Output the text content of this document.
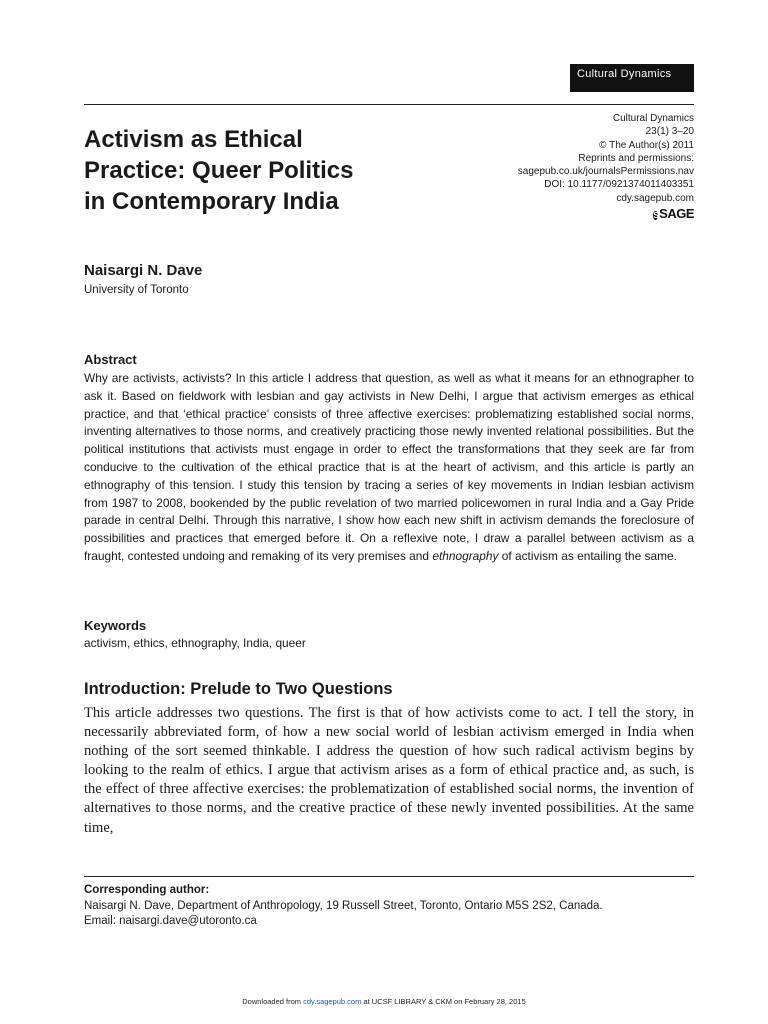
Cultural Dynamics
Activism as Ethical
Practice: Queer Politics
in Contemporary India
Cultural Dynamics
23(1) 3–20
© The Author(s) 2011
Reprints and permissions:
sagepub.co.uk/journalsPermissions.nav
DOI: 10.1177/0921374011403351
cdy.sagepub.com
SSAGE
Naisargi N. Dave
University of Toronto
Abstract

Why are activists, activists? In this article I address that question, as well as what it means for an ethnographer to ask it. Based on fieldwork with lesbian and gay activists in New Delhi, I argue that activism emerges as ethical practice, and that ‘ethical practice’ consists of three affective exercises: problematizing established social norms, inventing alternatives to those norms, and creatively practicing those newly invented relational possibilities. But the political institutions that activists must engage in order to effect the transformations that they seek are far from conducive to the cultivation of the ethical practice that is at the heart of activism, and this article is partly an ethnography of this tension. I study this tension by tracing a series of key movements in Indian lesbian activism from 1987 to 2008, bookended by the public revelation of two married policewomen in rural India and a Gay Pride parade in central Delhi. Through this narrative, I show how each new shift in activism demands the foreclosure of possibilities and practices that emerged before it. On a reflexive note, I draw a parallel between activism as a fraught, contested undoing and remaking of its very premises and ethnography of activism as entailing the same.

Keywords
activism, ethics, ethnography, India, queer
Introduction: Prelude to Two Questions

This article addresses two questions. The first is that of how activists come to act. I tell the story, in necessarily abbreviated form, of how a new social world of lesbian activism emerged in India when nothing of the sort seemed thinkable. I address the question of how such radical activism begins by looking to the realm of ethics. I argue that activism arises as a form of ethical practice and, as such, is the effect of three affective exercises: the problematization of established social norms, the invention of alternatives to those norms, and the creative practice of these newly invented possibilities. At the same time,

Corresponding author:
Naisargi N. Dave, Department of Anthropology, 19 Russell Street, Toronto, Ontario M5S 2S2, Canada.
Email: naisargi.dave@utoronto.ca
Downloaded from cdy.sagepub.com at UCSF LIBRARY & CKM on February 28, 2015
